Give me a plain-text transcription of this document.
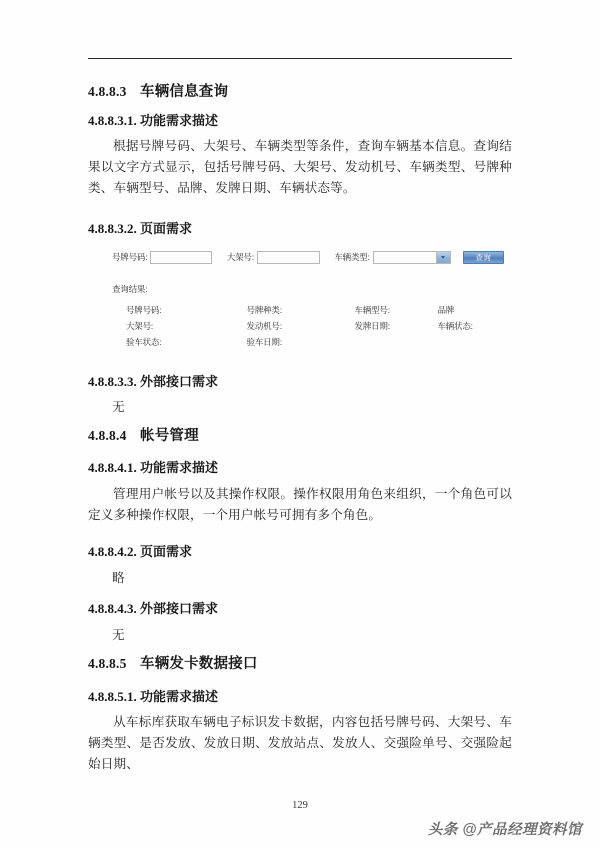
4.8.8.3 车辆信息查询
4.8.8.3.1. 功能需求描述

根据号牌号码、大架号、车辆类型等条件，查询车辆基本信息。查询结果以文字方式显示，包括号牌号码、大架号、发动机号、车辆类型、号牌种类、车辆型号、品牌、发牌日期、车辆状态等。

4.8.8.3.2. 页面需求
号牌号码:	大架号:	车辆类型:	查询
查询结果:
号牌号码:	号牌种类:	车辆型号:	品牌
大架号:	发动机号:	发牌日期:	车辆状态:
验车状态:	验车日期:
4.8.8.3.3. 外部接口需求

无

4.8.8.4 帐号管理
4.8.8.4.1. 功能需求描述

管理用户帐号以及其操作权限。操作权限用角色来组织，一个角色可以定义多种操作权限，一个用户帐号可拥有多个角色。

4.8.8.4.2. 页面需求

略

4.8.8.4.3. 外部接口需求

无

4.8.8.5 车辆发卡数据接口
4.8.8.5.1. 功能需求描述

从车标库获取车辆电子标识发卡数据，内容包括号牌号码、大架号、车辆类型、是否发放、发放日期、发放站点、发放人、交强险单号、交强险起始日期、

129
头条 @产品经理资料馆
